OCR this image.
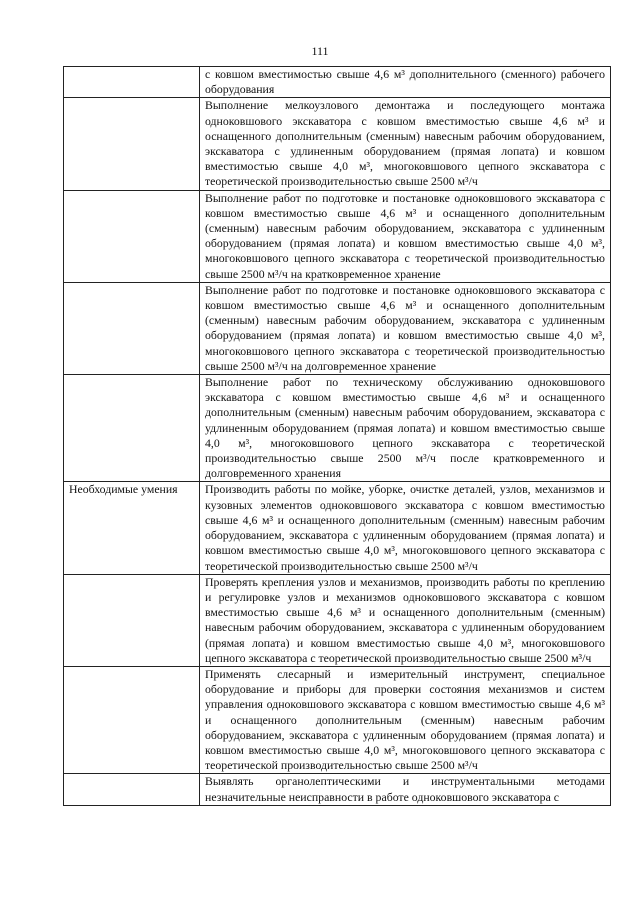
111

	с ковшом вместимостью свыше 4,6 м³ дополнительного (сменного) рабочего оборудования

	Выполнение мелкоузлового демонтажа и последующего монтажа одноковшового экскаватора с ковшом вместимостью свыше 4,6 м³ и оснащенного дополнительным (сменным) навесным рабочим оборудованием, экскаватора с удлиненным оборудованием (прямая лопата) и ковшом вместимостью свыше 4,0 м³, многоковшового цепного экскаватора с теоретической производительностью свыше 2500 м³/ч

	Выполнение работ по подготовке и постановке одноковшового экскаватора с ковшом вместимостью свыше 4,6 м³ и оснащенного дополнительным (сменным) навесным рабочим оборудованием, экскаватора с удлиненным оборудованием (прямая лопата) и ковшом вместимостью свыше 4,0 м³, многоковшового цепного экскаватора с теоретической производительностью свыше 2500 м³/ч на кратковременное хранение

	Выполнение работ по подготовке и постановке одноковшового экскаватора с ковшом вместимостью свыше 4,6 м³ и оснащенного дополнительным (сменным) навесным рабочим оборудованием, экскаватора с удлиненным оборудованием (прямая лопата) и ковшом вместимостью свыше 4,0 м³, многоковшового цепного экскаватора с теоретической производительностью свыше 2500 м³/ч на долговременное хранение

	Выполнение работ по техническому обслуживанию одноковшового экскаватора с ковшом вместимостью свыше 4,6 м³ и оснащенного дополнительным (сменным) навесным рабочим оборудованием, экскаватора с удлиненным оборудованием (прямая лопата) и ковшом вместимостью свыше 4,0 м³, многоковшового цепного экскаватора с теоретической производительностью свыше 2500 м³/ч после кратковременного и долговременного хранения

Необходимые умения	Производить работы по мойке, уборке, очистке деталей, узлов, механизмов и кузовных элементов одноковшового экскаватора с ковшом вместимостью свыше 4,6 м³ и оснащенного дополнительным (сменным) навесным рабочим оборудованием, экскаватора с удлиненным оборудованием (прямая лопата) и ковшом вместимостью свыше 4,0 м³, многоковшового цепного экскаватора с теоретической производительностью свыше 2500 м³/ч

	Проверять крепления узлов и механизмов, производить работы по креплению и регулировке узлов и механизмов одноковшового экскаватора с ковшом вместимостью свыше 4,6 м³ и оснащенного дополнительным (сменным) навесным рабочим оборудованием, экскаватора с удлиненным оборудованием (прямая лопата) и ковшом вместимостью свыше 4,0 м³, многоковшового цепного экскаватора с теоретической производительностью свыше 2500 м³/ч

	Применять слесарный и измерительный инструмент, специальное оборудование и приборы для проверки состояния механизмов и систем управления одноковшового экскаватора с ковшом вместимостью свыше 4,6 м³ и оснащенного дополнительным (сменным) навесным рабочим оборудованием, экскаватора с удлиненным оборудованием (прямая лопата) и ковшом вместимостью свыше 4,0 м³, многоковшового цепного экскаватора с теоретической производительностью свыше 2500 м³/ч

	Выявлять органолептическими и инструментальными методами незначительные неисправности в работе одноковшового экскаватора с
